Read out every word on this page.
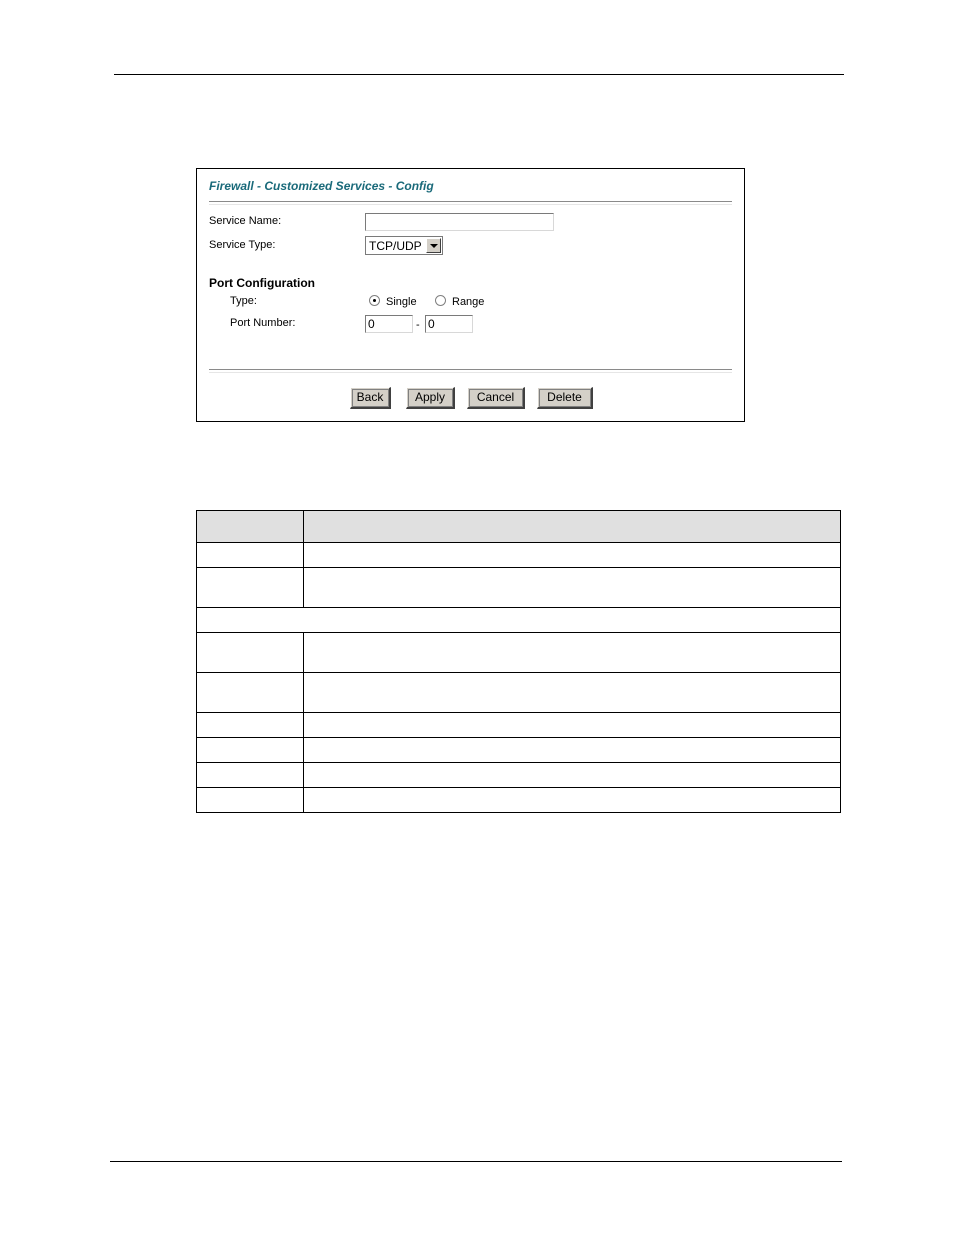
Firewall - Customized Services - Config
Service Name:
Service Type:	TCP/UDP
Port Configuration
Type:	Single	Range
Port Number:	0	- 0
Back	Apply	Cancel	Delete
